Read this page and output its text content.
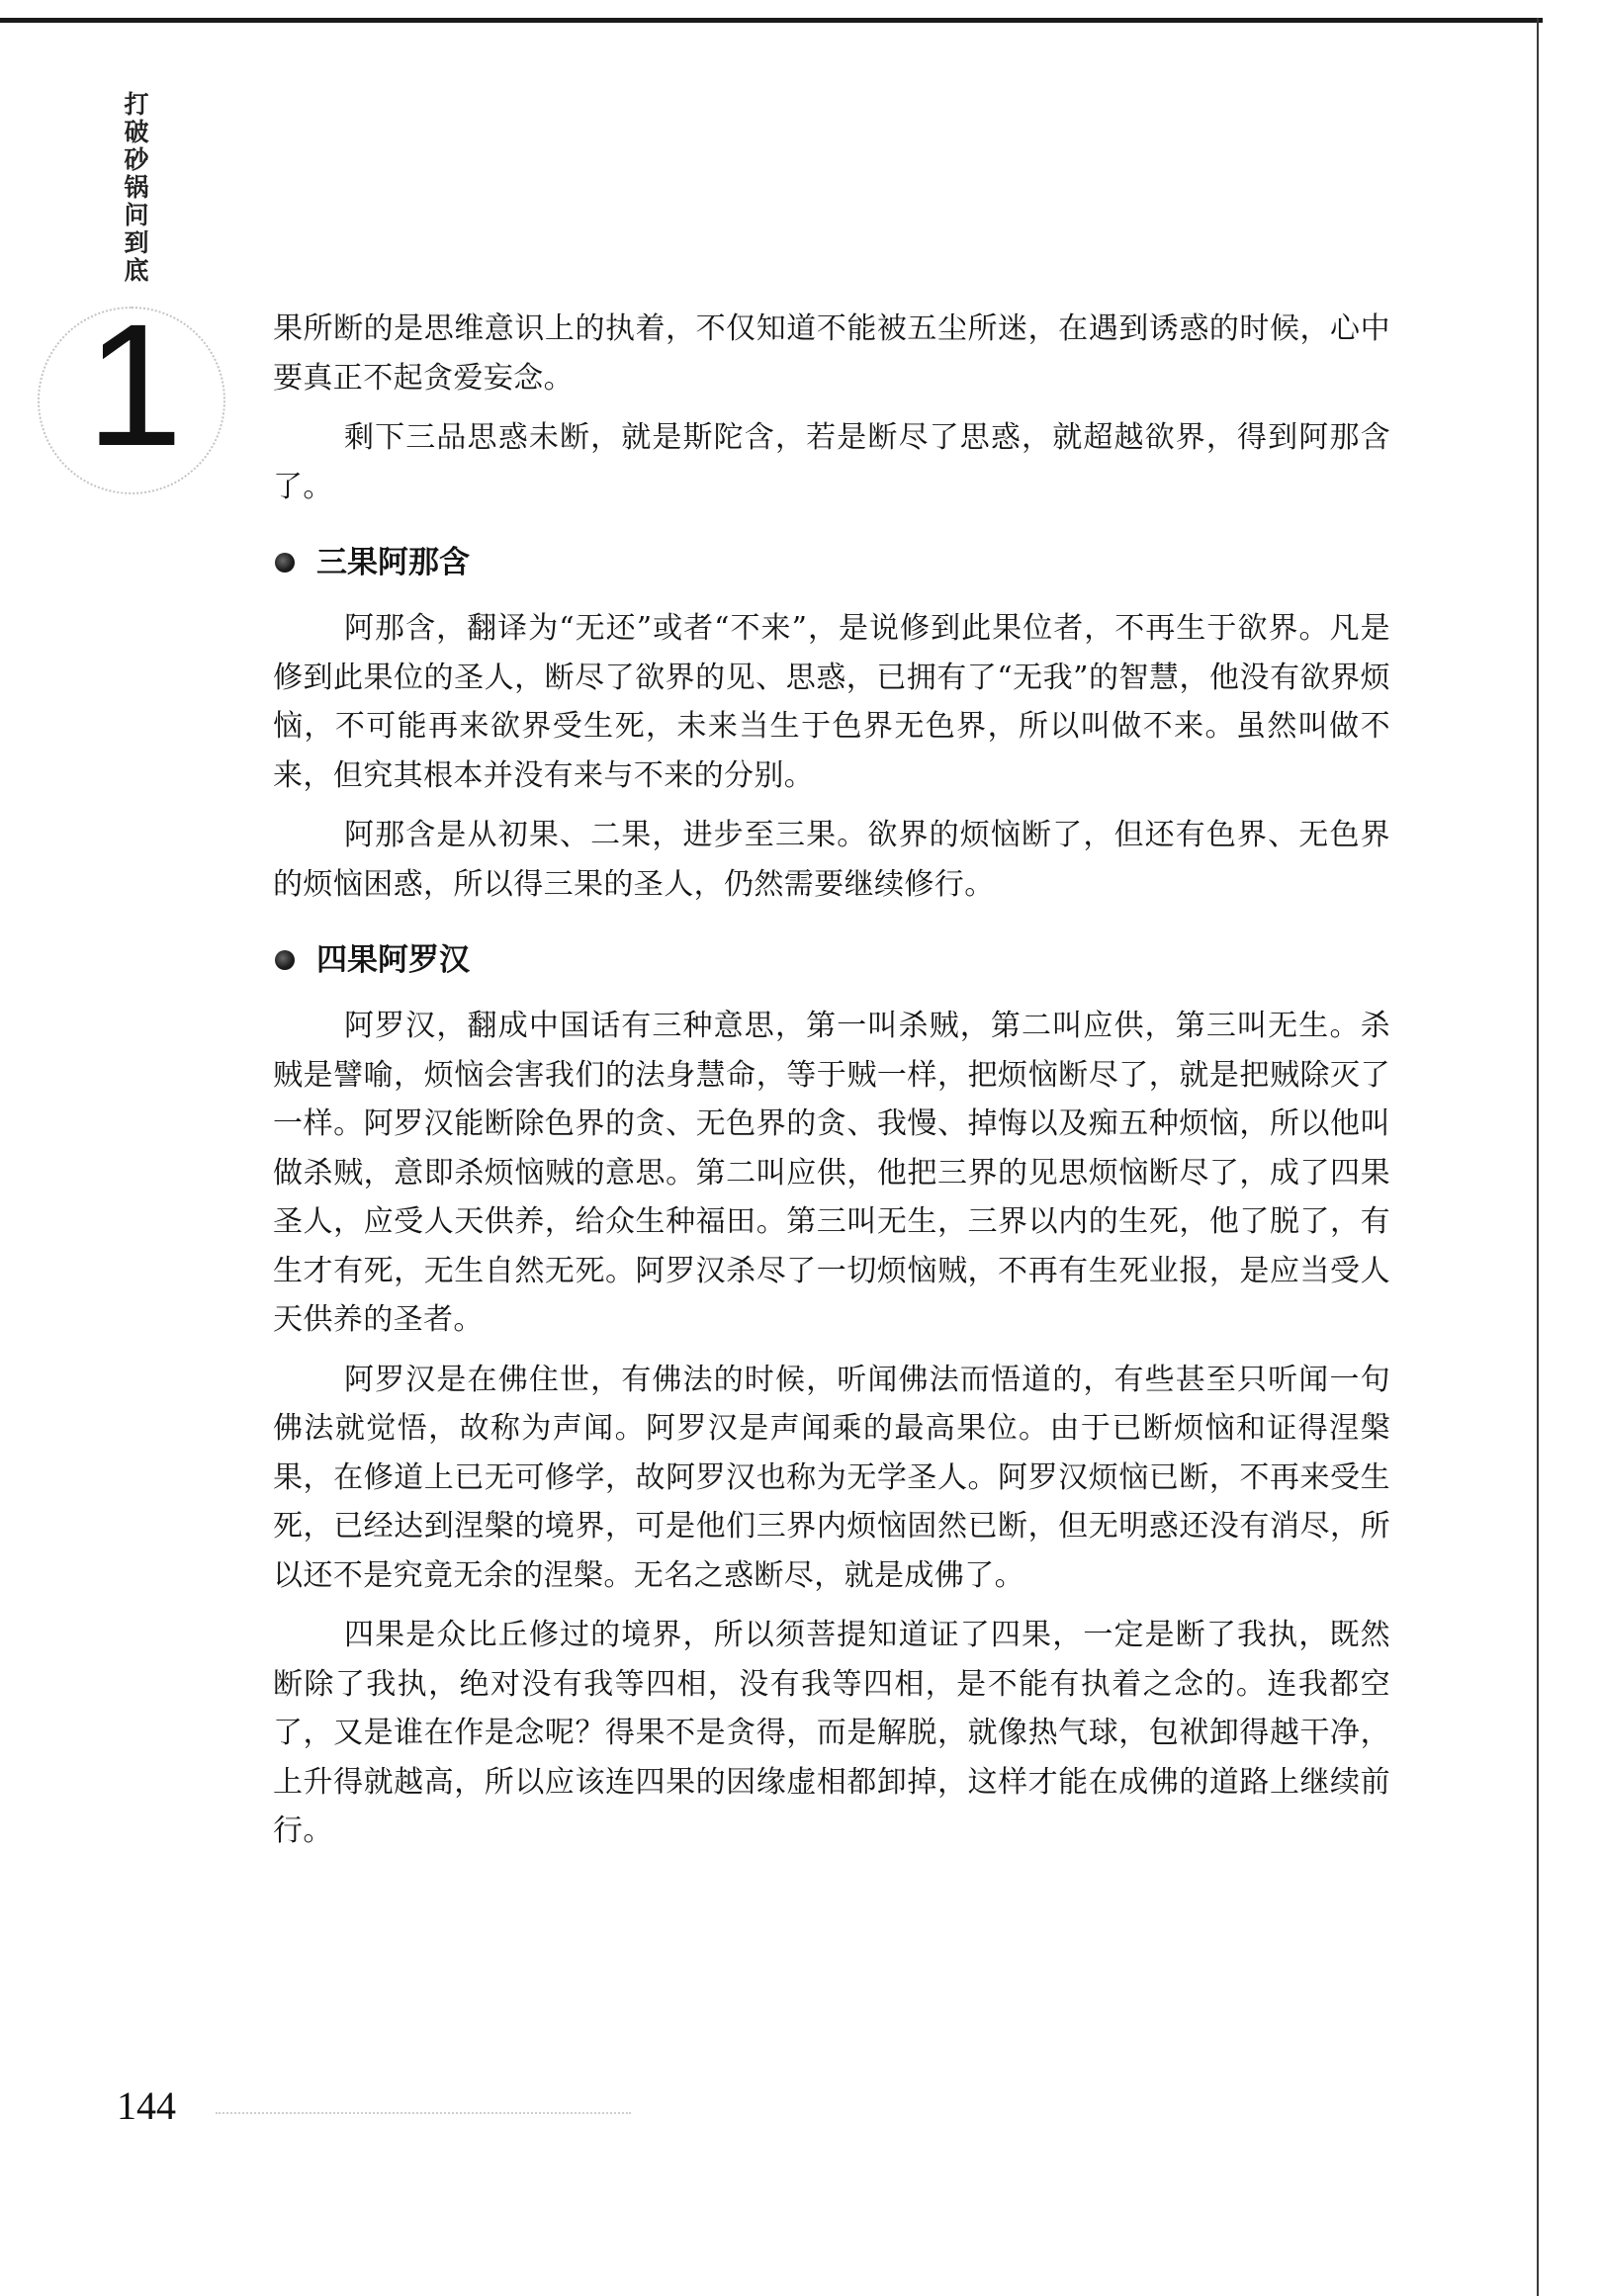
打
破
砂
锅
问
到
底
1	果所断的是思维意识上的执着，不仅知道不能被五尘所迷，在遇到诱惑的时候，心中要真正不起贪爱妄念。

剩下三品思惑未断，就是斯陀含，若是断尽了思惑，就超越欲界，得到阿那含了。

三果阿那含

阿那含，翻译为“无还”或者“不来”，是说修到此果位者，不再生于欲界。凡是修到此果位的圣人，断尽了欲界的见、思惑，已拥有了“无我”的智慧，他没有欲界烦恼，不可能再来欲界受生死，未来当生于色界无色界，所以叫做不来。虽然叫做不来，但究其根本并没有来与不来的分别。

阿那含是从初果、二果，进步至三果。欲界的烦恼断了，但还有色界、无色界的烦恼困惑，所以得三果的圣人，仍然需要继续修行。

四果阿罗汉

阿罗汉，翻成中国话有三种意思，第一叫杀贼，第二叫应供，第三叫无生。杀贼是譬喻，烦恼会害我们的法身慧命，等于贼一样，把烦恼断尽了，就是把贼除灭了一样。阿罗汉能断除色界的贪、无色界的贪、我慢、掉悔以及痴五种烦恼，所以他叫做杀贼，意即杀烦恼贼的意思。第二叫应供，他把三界的见思烦恼断尽了，成了四果圣人，应受人天供养，给众生种福田。第三叫无生，三界以内的生死，他了脱了，有生才有死，无生自然无死。阿罗汉杀尽了一切烦恼贼，不再有生死业报，是应当受人天供养的圣者。

阿罗汉是在佛住世，有佛法的时候，听闻佛法而悟道的，有些甚至只听闻一句佛法就觉悟，故称为声闻。阿罗汉是声闻乘的最高果位。由于已断烦恼和证得涅槃果，在修道上已无可修学，故阿罗汉也称为无学圣人。阿罗汉烦恼已断，不再来受生死，已经达到涅槃的境界，可是他们三界内烦恼固然已断，但无明惑还没有消尽，所以还不是究竟无余的涅槃。无名之惑断尽，就是成佛了。

四果是众比丘修过的境界，所以须菩提知道证了四果，一定是断了我执，既然断除了我执，绝对没有我等四相，没有我等四相，是不能有执着之念的。连我都空了，又是谁在作是念呢？得果不是贪得，而是解脱，就像热气球，包袱卸得越干净，上升得就越高，所以应该连四果的因缘虚相都卸掉，这样才能在成佛的道路上继续前行。

144
